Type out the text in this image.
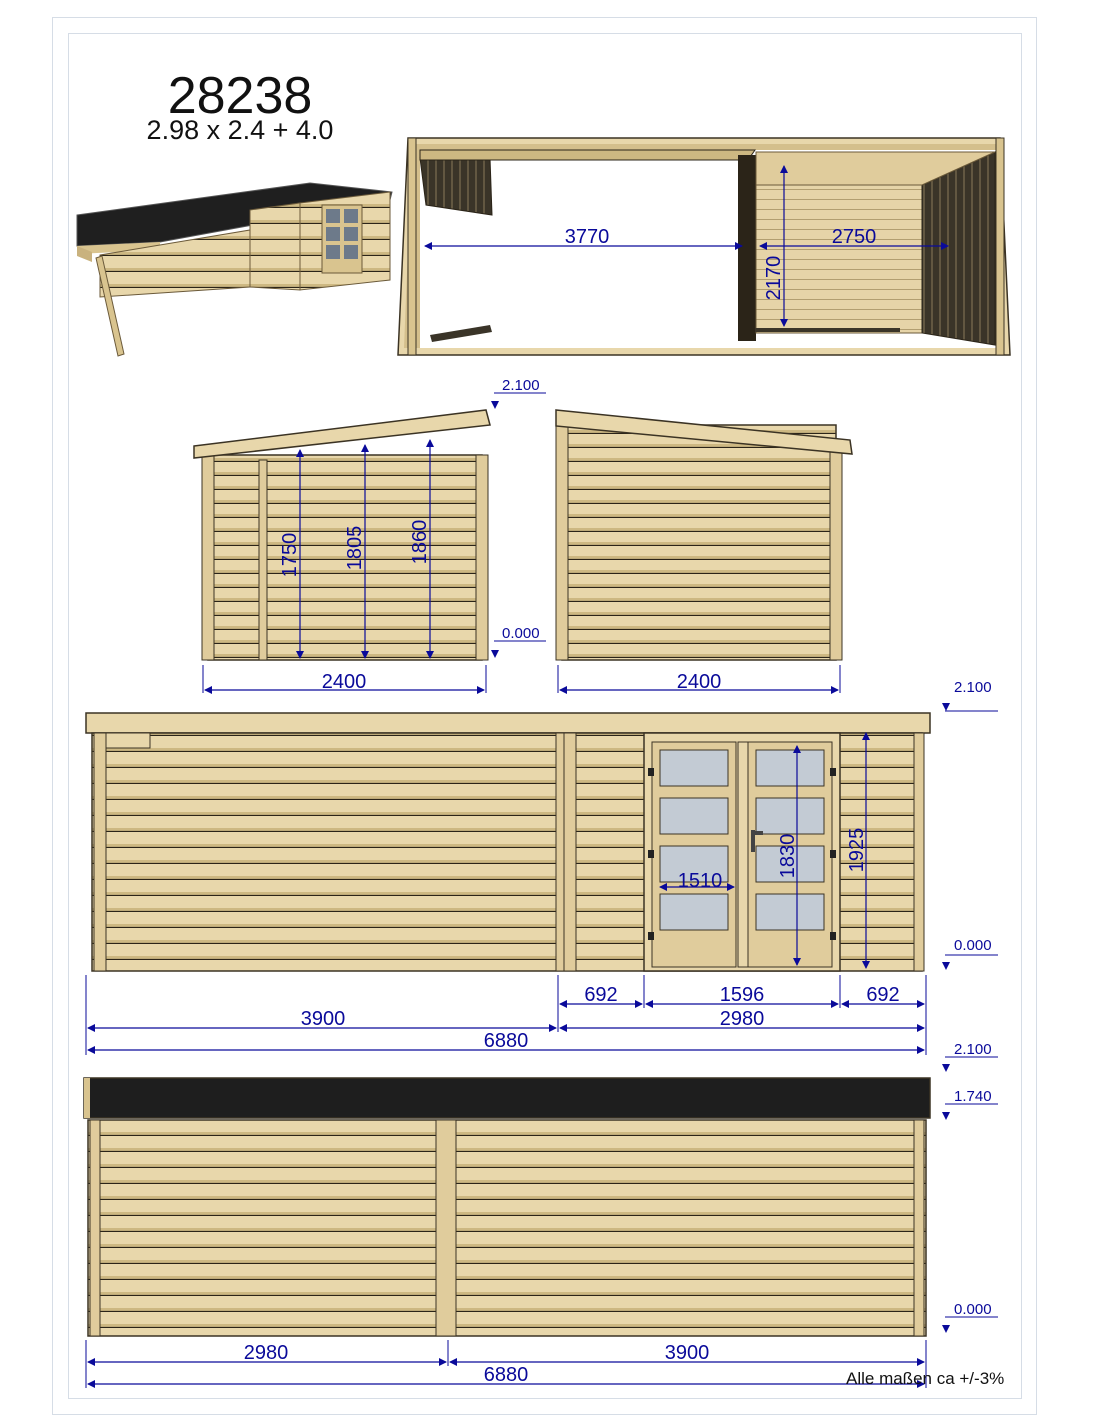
28238
2.98 x 2.4 + 4.0
3770	2750
2170
1750 1805 1860
2400
2.100
0.000
2400
1510
1830 1925
2.100
0.000
692	1596	692
3900	2980
6880	2.100
1.740
0.000
2980	3900
6880	Alle maßen ca +/-3%
